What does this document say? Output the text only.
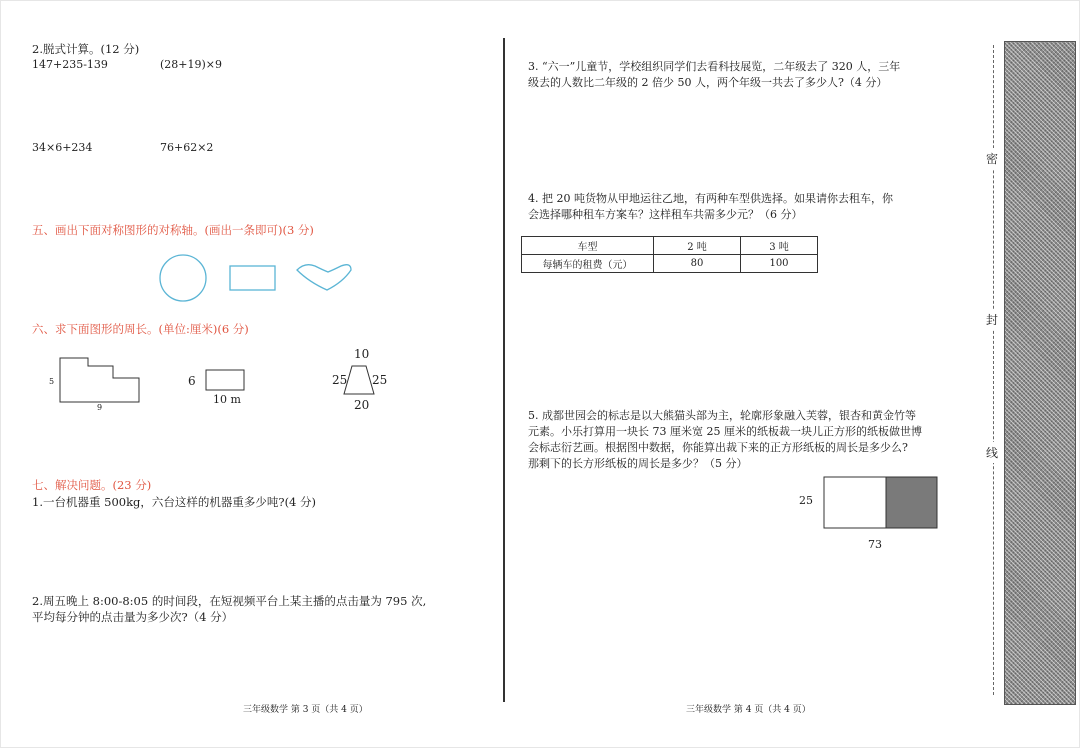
2.脱式计算。(12 分)
147+235-139	(28+19)×9
34×6+234	76+62×2
五、画出下面对称图形的对称轴。(画出一条即可)(3 分)
六、求下面图形的周长。(单位:厘米)(6 分)
5
9
6
10 m
10
25 25
20
七、解决问题。(23 分)
1.一台机器重 500kg，六台这样的机器重多少吨?(4 分)
2.周五晚上 8:00-8:05 的时间段，在短视频平台上某主播的点击量为 795 次,
平均每分钟的点击量为多少次?（4 分）
三年级数学 第 3 页（共 4 页）
3. “六一”儿童节，学校组织同学们去看科技展览，二年级去了 320 人，三年
级去的人数比二年级的 2 倍少 50 人，两个年级一共去了多少人?（4 分）
4. 把 20 吨货物从甲地运往乙地，有两种车型供选择。如果请你去租车，你
会选择哪种租车方案车？这样租车共需多少元？（6 分）
车型	2 吨	3 吨
每辆车的租费（元）	80	100
5. 成都世园会的标志是以大熊猫头部为主，轮廓形象融入芙蓉，银杏和黄金竹等
元素。小乐打算用一块长 73 厘米宽 25 厘米的纸板裁一块儿正方形的纸板做世博
会标志衍艺画。根据图中数据，你能算出裁下来的正方形纸板的周长是多少么?
那剩下的长方形纸板的周长是多少？（5 分）
25
73
三年级数学 第 4 页（共 4 页）
密
封
线
